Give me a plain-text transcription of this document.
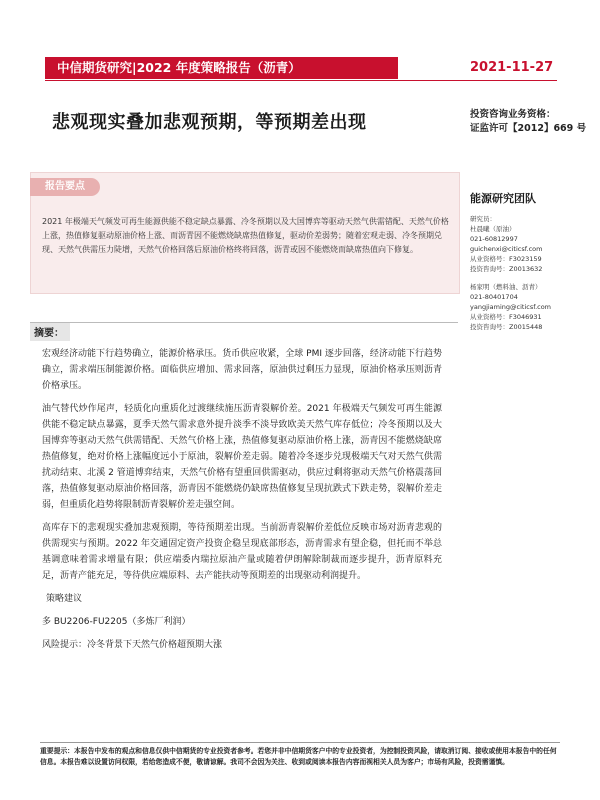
中信期货研究|2022 年度策略报告（沥青）	2021-11-27
悲观现实叠加悲观预期，等预期差出现	投资咨询业务资格：
证监许可【2012】669 号
报告要点
2021 年极端天气频发可再生能源供能不稳定缺点暴露、冷冬预期以及大国博弈等驱动天然气供需错配、天然气价格上涨，热值修复驱动原油价格上涨、而沥青因不能燃烧缺席热值修复，驱动价差弱势；随着宏观走弱、冷冬预期兑现、天然气供需压力陡增，天然气价格回落后原油价格终将回落，沥青或因不能燃烧而缺席热值向下修复。
能源研究团队
研究员：
杜晨曦（原油）
021-60812997
guichenxi@citicsf.com
从业资格号：F3023159
投资咨询号：Z0013632
杨家明（燃料油、沥青）
021-80401704
yangjiaming@citicsf.com
从业资格号：F3046931
投资咨询号：Z0015448
摘要：

宏观经济动能下行趋势确立，能源价格承压。货币供应收紧，全球 PMI 逐步回落，经济动能下行趋势确立，需求端压制能源价格。面临供应增加、需求回落，原油供过剩压力显现，原油价格承压则沥青价格承压。

油气替代炒作尾声，轻质化向重质化过渡继续施压沥青裂解价差。2021 年极端天气频发可再生能源供能不稳定缺点暴露，夏季天然气需求意外提升淡季不淡导致欧美天然气库存低位；冷冬预期以及大国博弈等驱动天然气供需错配、天然气价格上涨，热值修复驱动原油价格上涨，沥青因不能燃烧缺席热值修复，绝对价格上涨幅度远小于原油，裂解价差走弱。随着冷冬逐步兑现极端天气对天然气供需扰动结束、北溪 2 管道博弈结束，天然气价格有望重回供需驱动，供应过剩将驱动天然气价格震荡回落，热值修复驱动原油价格回落，沥青因不能燃烧仍缺席热值修复呈现抗跌式下跌走势，裂解价差走弱，但重质化趋势将限制沥青裂解价差走强空间。

高库存下的悲观现实叠加悲观预期，等待预期差出现。当前沥青裂解价差低位反映市场对沥青悲观的供需现实与预期。2022 年交通固定资产投资企稳呈现底部形态，沥青需求有望企稳，但托而不举总基调意味着需求增量有限；供应端委内瑞拉原油产量或随着伊朗解除制裁而逐步提升，沥青原料充足，沥青产能充足，等待供应端原料、去产能扶动等预期差的出现驱动利润提升。

策略建议

多 BU2206-FU2205（多炼厂利润）

风险提示：冷冬背景下天然气价格超预期大涨

重要提示：本报告中发布的观点和信息仅供中信期货的专业投资者参考。若您并非中信期货客户中的专业投资者，为控制投资风险，请取消订阅、接收或使用本报告中的任何信息。本报告难以设置访问权限，若给您造成不便，敬请谅解。我司不会因为关注、收到或阅读本报告内容而视相关人员为客户；市场有风险，投资需谨慎。
